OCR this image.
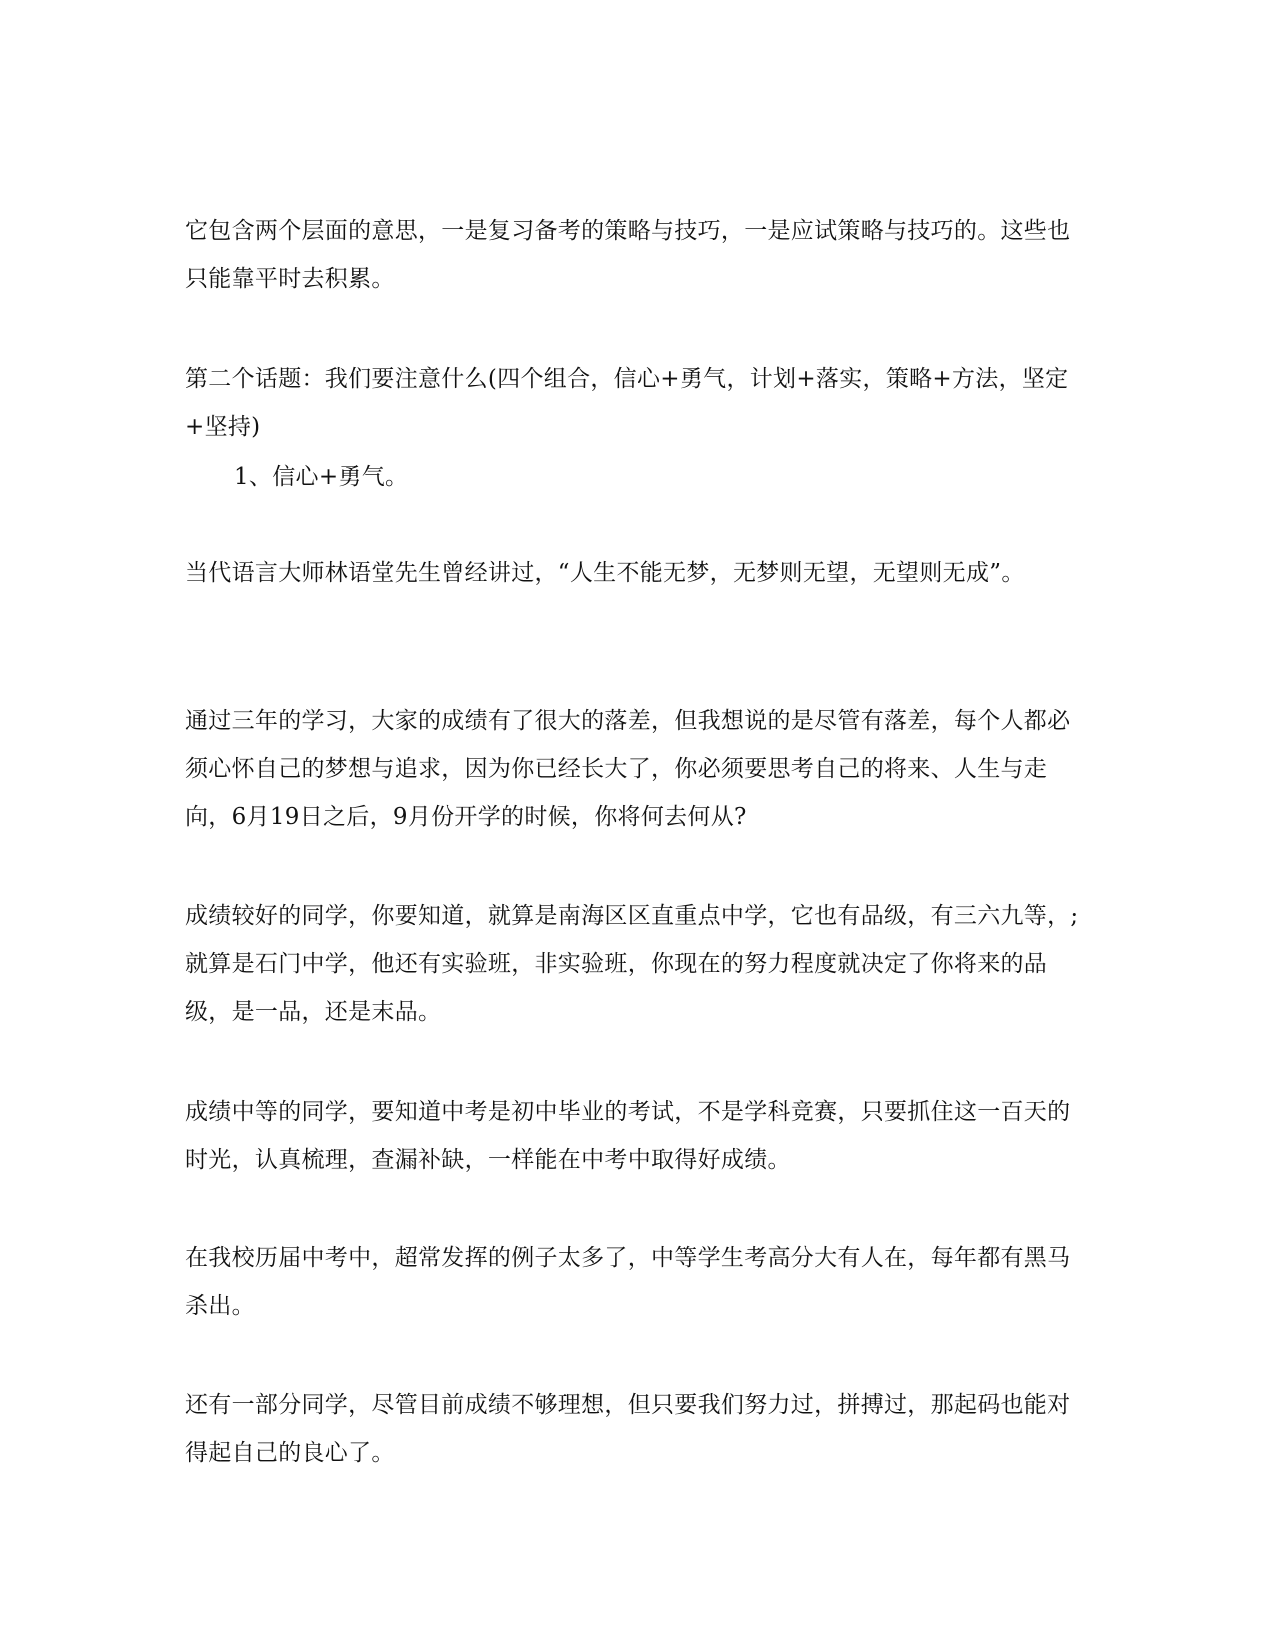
它包含两个层面的意思，一是复习备考的策略与技巧，一是应试策略与技巧的。这些也只能靠平时去积累。

第二个话题：我们要注意什么(四个组合，信心+勇气，计划+落实，策略+方法，坚定+坚持)

1、信心+勇气。

当代语言大师林语堂先生曾经讲过，“人生不能无梦，无梦则无望，无望则无成”。

通过三年的学习，大家的成绩有了很大的落差，但我想说的是尽管有落差，每个人都必须心怀自己的梦想与追求，因为你已经长大了，你必须要思考自己的将来、人生与走向，6月19日之后，9月份开学的时候，你将何去何从?

成绩较好的同学，你要知道，就算是南海区区直重点中学，它也有品级，有三六九等，;就算是石门中学，他还有实验班，非实验班，你现在的努力程度就决定了你将来的品级，是一品，还是末品。

成绩中等的同学，要知道中考是初中毕业的考试，不是学科竞赛，只要抓住这一百天的时光，认真梳理，查漏补缺，一样能在中考中取得好成绩。

在我校历届中考中，超常发挥的例子太多了，中等学生考高分大有人在，每年都有黑马杀出。

还有一部分同学，尽管目前成绩不够理想，但只要我们努力过，拼搏过，那起码也能对得起自己的良心了。
